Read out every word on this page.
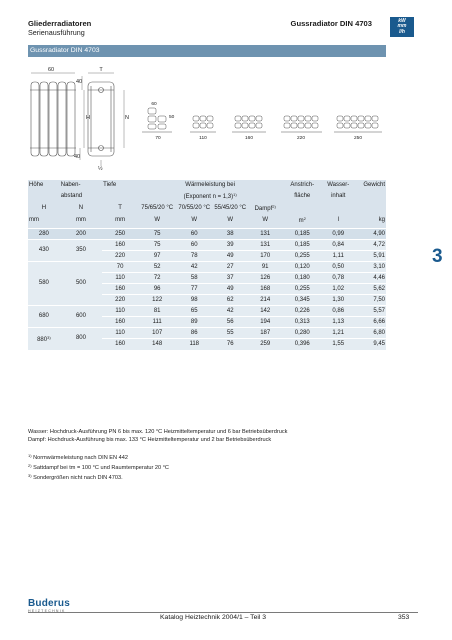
Gliederradiatoren
Serienausführung
Gussradiator DIN 4703	kW
mm
l/h
Gussradiator DIN 4703
60
40
T
H	N
40
½
60
50
70	110	160	220	250
3
Höhe	Naben-	Tiefe	Wärmeleistung bei				Anstrich-	Wasser-	Gewicht
	abstand		(Exponent n = 1,3)$^{1)}$				fläche	inhalt	
H	N	T	75/65/20 °C	70/55/20 °C	55/45/20 °C	Dampf$^{2)}$			
mm	mm	mm	W	W	W	W	$m^2$	l	kg
280	200	250	75	60	38	131	0,185	0,99	4,90
430	350	160	75	60	39	131	0,185	0,84	4,72
		220	97	78	49	170	0,255	1,11	5,91
580	500	70	52	42	27	91	0,120	0,50	3,10
		110	72	58	37	126	0,180	0,78	4,46
		160	96	77	49	168	0,255	1,02	5,62
		220	122	98	62	214	0,345	1,30	7,50
680	600	110	81	65	42	142	0,226	0,86	5,57
		160	111	89	56	194	0,313	1,13	6,66
880$^{3)}$	800	110	107	86	55	187	0,280	1,21	6,80
		160	148	118	76	259	0,396	1,55	9,45
Wasser: Hochdruck-Ausführung PN 6 bis max. 120 °C Heizmitteltemperatur und 6 bar Betriebsüberdruck
Dampf: Hochdruck-Ausführung bis max. 133 °C Heizmitteltemperatur und 2 bar Betriebsüberdruck
$^{1)}$ Normwärmeleistung nach DIN EN 442
$^{2)}$ Sattdampf bei tm = 100 °C und Raumtemperatur 20 °C
$^{3)}$ Sondergrößen nicht nach DIN 4703.
Buderus
HEIZTECHNIK
Katalog Heiztechnik 2004/1 – Teil 3	353
